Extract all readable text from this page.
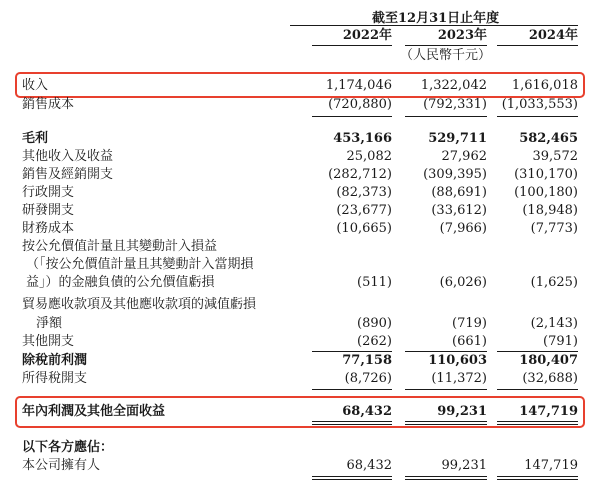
截至12月31日止年度
2022年	2023年	2024年
（人民幣千元）
收入	1,174,046 1,322,042 1,616,018
銷售成本	(720,880) (792,331) (1,033,553)
毛利	453,166	529,711 582,465
其他收入及收益	25,082	27,962	39,572
銷售及經銷開支	(282,712) (309,395) (310,170)
行政開支	(82,373)	(88,691) (100,180)
研發開支	(23,677)	(33,612)	(18,948)
財務成本	(10,665)	(7,966)	(7,773)
按公允價值計量且其變動計入損益
（「按公允價值計量且其變動計入當期損
益」）的金融負債的公允價值虧損	(511)	(6,026)	(1,625)
貿易應收款項及其他應收款項的減值虧損
淨額	(890)	(719)	(2,143)
其他開支	(262)	(661)	(791)
除稅前利潤	77,158	110,603 180,407
所得稅開支	(8,726)	(11,372)	(32,688)
年內利潤及其他全面收益	68,432	99,231 147,719
以下各方應佔：
本公司擁有人	68,432	99,231	147,719
